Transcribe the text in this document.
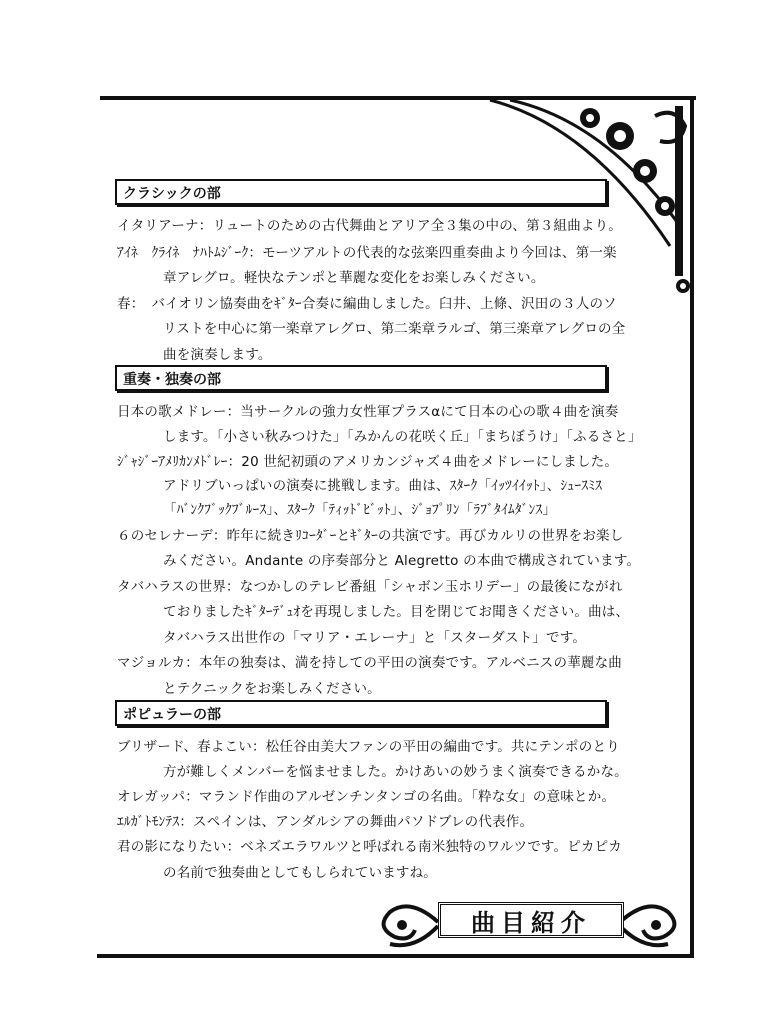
クラシックの部
イタリアーナ：リュートのための古代舞曲とアリア全３集の中の、第３組曲より。
ｱｲﾈ　ｸﾗｲﾈ　ﾅﾊﾄﾑｼﾞｰｸ：モーツアルトの代表的な弦楽四重奏曲より今回は、第一楽
章アレグロ。軽快なテンポと華麗な変化をお楽しみください。
春：　バイオリン協奏曲をｷﾞﾀｰ合奏に編曲しました。臼井、上條、沢田の３人のソ
リストを中心に第一楽章アレグロ、第二楽章ラルゴ、第三楽章アレグロの全
曲を演奏します。
重奏・独奏の部
日本の歌メドレー：当サークルの強力女性軍プラスαにて日本の心の歌４曲を演奏
します。「小さい秋みつけた」「みかんの花咲く丘」「まちぼうけ」「ふるさと」
ｼﾞｬｼﾞｰｱﾒﾘｶﾝﾒﾄﾞﾚｰ：20 世紀初頭のアメリカンジャズ４曲をメドレーにしました。
アドリブいっぱいの演奏に挑戦します。曲は、ｽﾀｰｸ「ｲｯﾂｲｲｯﾄ」、ｼｭｰｽﾐｽ
「ﾊﾞﾝｸﾌﾞｯｸﾌﾞﾙｰｽ」、ｽﾀｰｸ「ﾃｨｯﾄﾞﾋﾞｯﾄ」、ｼﾞｮﾌﾟﾘﾝ「ﾗﾌﾞﾀｲﾑﾀﾞﾝｽ」
６のセレナーデ：昨年に続きﾘｺｰﾀﾞｰとｷﾞﾀｰの共演です。再びカルリの世界をお楽し
みください。Andante の序奏部分と Alegretto の本曲で構成されています。
タバハラスの世界：なつかしのテレビ番組「シャボン玉ホリデー」の最後にながれ
ておりましたｷﾞﾀｰﾃﾞｭｵを再現しました。目を閉じてお聞きください。曲は、
タバハラス出世作の「マリア・エレーナ」と「スターダスト」です。
マジョルカ：本年の独奏は、満を持しての平田の演奏です。アルベニスの華麗な曲
とテクニックをお楽しみください。
ポピュラーの部
ブリザード、春よこい：松任谷由美大ファンの平田の編曲です。共にテンポのとり
方が難しくメンバーを悩ませました。かけあいの妙うまく演奏できるかな。
オレガッパ：マランド作曲のアルゼンチンタンゴの名曲。「粋な女」の意味とか。
ｴﾙｶﾞﾄﾓﾝﾃｽ：スペインは、アンダルシアの舞曲パソドブレの代表作。
君の影になりたい：ベネズエラワルツと呼ばれる南米独特のワルツです。ピカピカ
の名前で独奏曲としてもしられていますね。
曲目紹介
